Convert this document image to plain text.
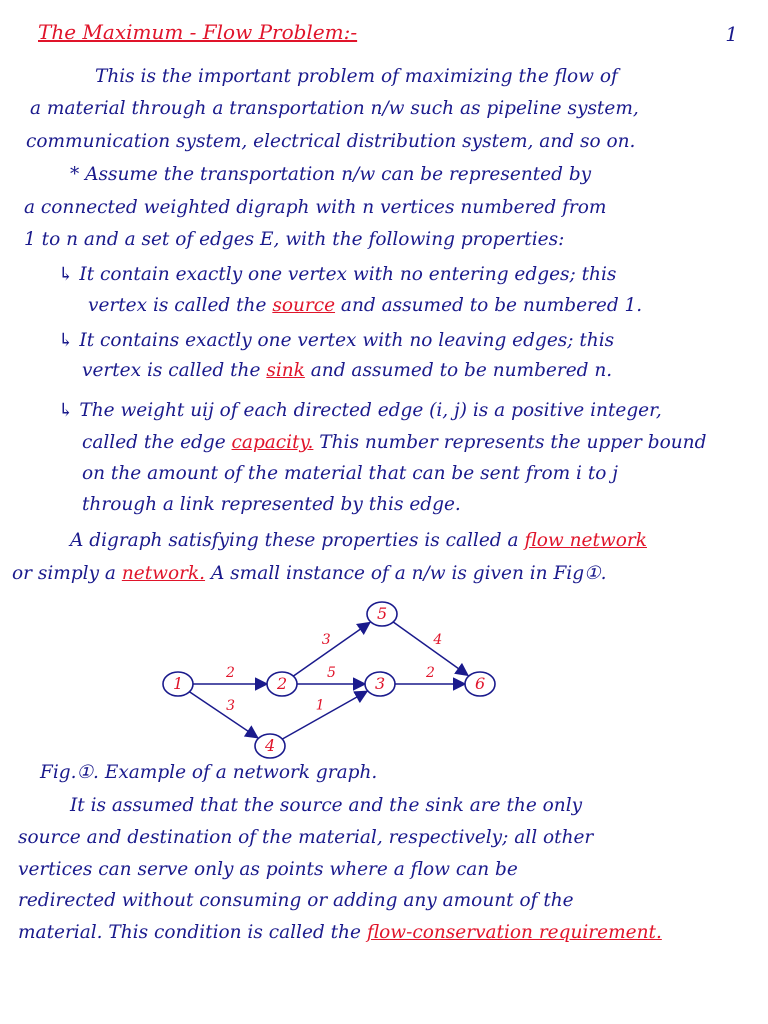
1
The Maximum - Flow Problem:-
This is the important problem of maximizing the flow of
a material through a transportation n/w such as pipeline system,
communication system, electrical distribution system, and so on.
* Assume the transportation n/w can be represented by
a connected weighted digraph with n vertices numbered from
1 to n and a set of edges E, with the following properties:
↳ It contain exactly one vertex with no entering edges; this
vertex is called the source and assumed to be numbered 1.
↳ It contains exactly one vertex with no leaving edges; this
vertex is called the sink and assumed to be numbered n.
↳ The weight uij of each directed edge (i, j) is a positive integer,
called the edge capacity. This number represents the upper bound
on the amount of the material that can be sent from i to j
through a link represented by this edge.
A digraph satisfying these properties is called a flow network
or simply a network. A small instance of a n/w is given in Fig①.
2
3
3
5
1
4
2
1	2	3
4
5
6
Fig.①. Example of a network graph.
It is assumed that the source and the sink are the only
source and destination of the material, respectively; all other
vertices can serve only as points where a flow can be
redirected without consuming or adding any amount of the
material. This condition is called the flow-conservation requirement.
